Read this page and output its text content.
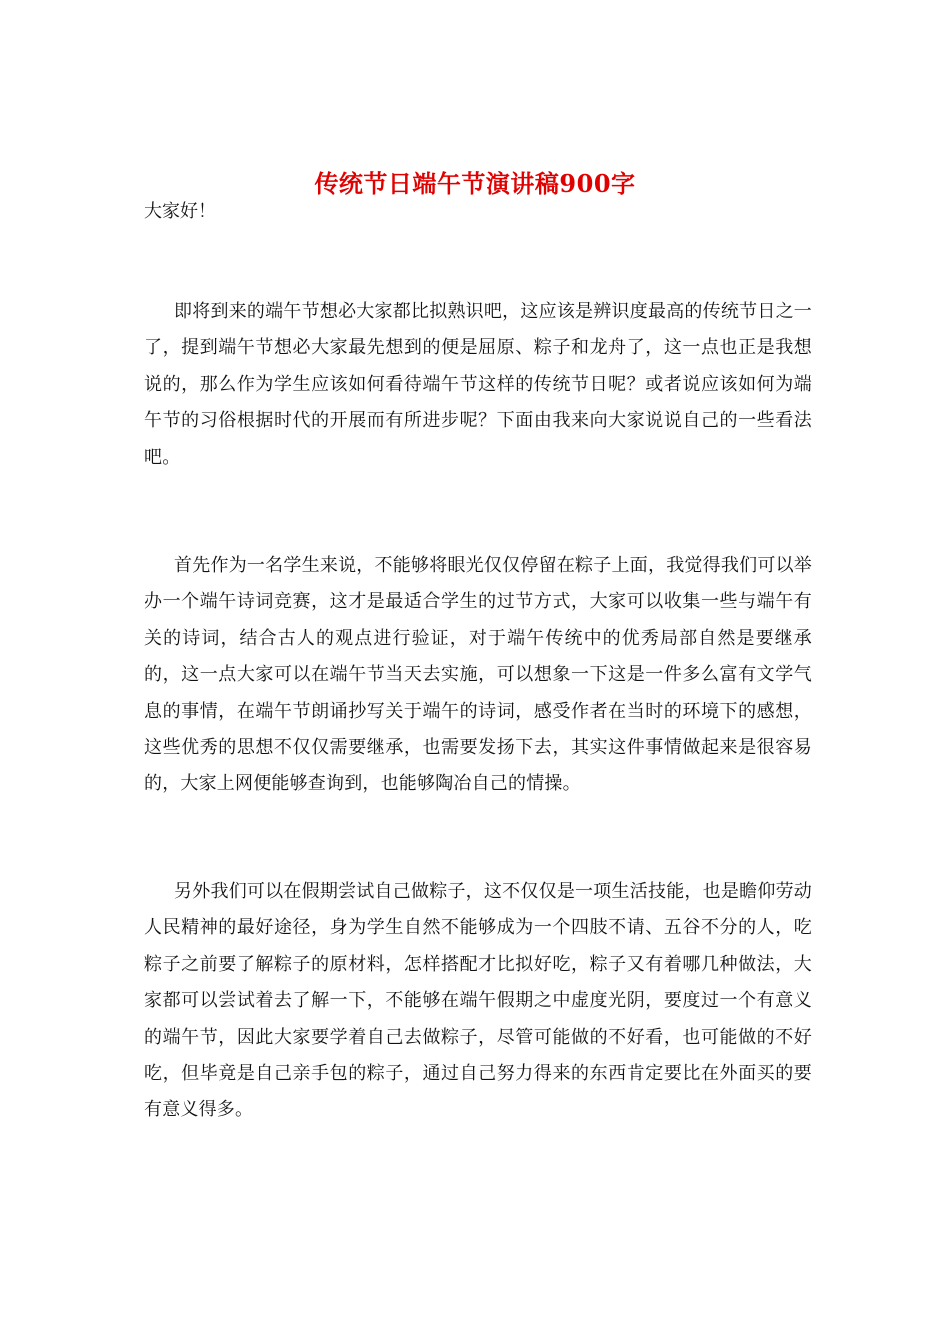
传统节日端午节演讲稿900字
大家好！

即将到来的端午节想必大家都比拟熟识吧，这应该是辨识度最高的传统节日之一了，提到端午节想必大家最先想到的便是屈原、粽子和龙舟了，这一点也正是我想说的，那么作为学生应该如何看待端午节这样的传统节日呢？或者说应该如何为端午节的习俗根据时代的开展而有所进步呢？下面由我来向大家说说自己的一些看法吧。

首先作为一名学生来说，不能够将眼光仅仅停留在粽子上面，我觉得我们可以举办一个端午诗词竞赛，这才是最适合学生的过节方式，大家可以收集一些与端午有关的诗词，结合古人的观点进行验证，对于端午传统中的优秀局部自然是要继承的，这一点大家可以在端午节当天去实施，可以想象一下这是一件多么富有文学气息的事情，在端午节朗诵抄写关于端午的诗词，感受作者在当时的环境下的感想，这些优秀的思想不仅仅需要继承，也需要发扬下去，其实这件事情做起来是很容易的，大家上网便能够查询到，也能够陶冶自己的情操。

另外我们可以在假期尝试自己做粽子，这不仅仅是一项生活技能，也是瞻仰劳动人民精神的最好途径，身为学生自然不能够成为一个四肢不请、五谷不分的人，吃粽子之前要了解粽子的原材料，怎样搭配才比拟好吃，粽子又有着哪几种做法，大家都可以尝试着去了解一下，不能够在端午假期之中虚度光阴，要度过一个有意义的端午节，因此大家要学着自己去做粽子，尽管可能做的不好看，也可能做的不好吃，但毕竟是自己亲手包的粽子，通过自己努力得来的东西肯定要比在外面买的要有意义得多。
